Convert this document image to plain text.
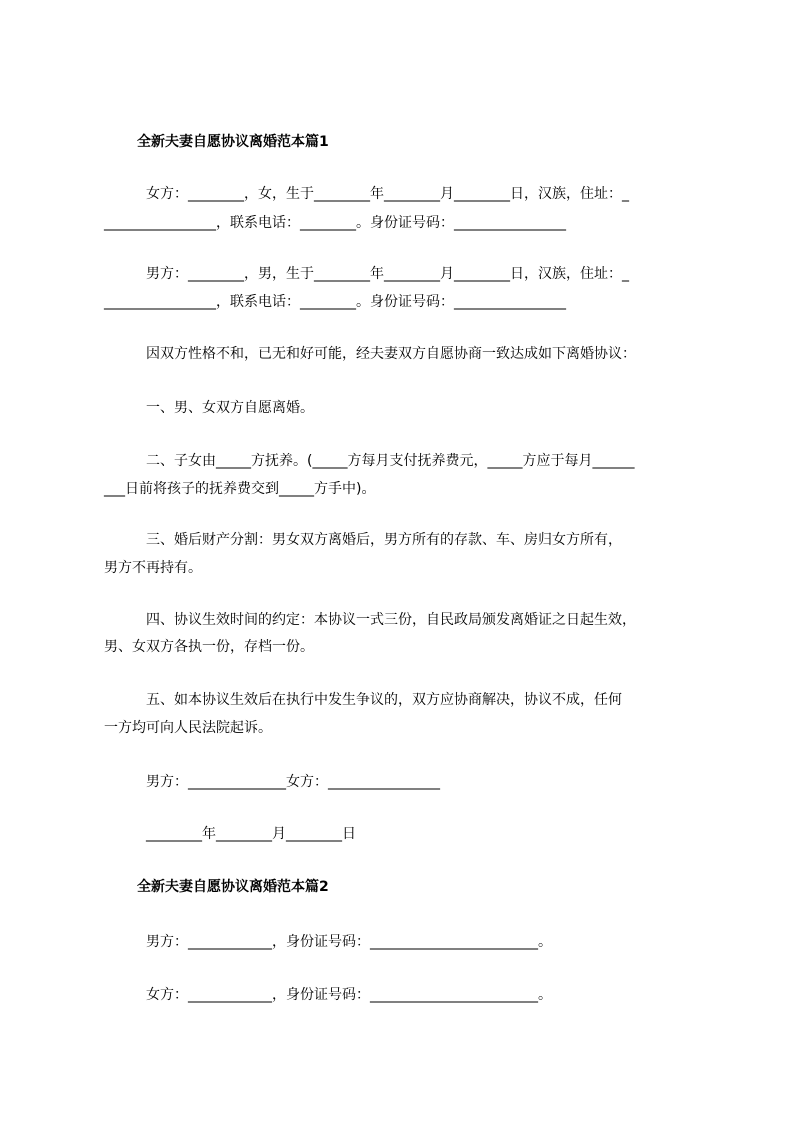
全新夫妻自愿协议离婚范本篇1
女方：________，女，生于________年________月________日，汉族，住址：_
________________，联系电话：________。身份证号码：________________
男方：________，男，生于________年________月________日，汉族，住址：_
________________，联系电话：________。身份证号码：________________
因双方性格不和，已无和好可能，经夫妻双方自愿协商一致达成如下离婚协议：
一、男、女双方自愿离婚。
二、子女由_____方抚养。(_____方每月支付抚养费元，_____方应于每月______
___日前将孩子的抚养费交到_____方手中)。
三、婚后财产分割：男女双方离婚后，男方所有的存款、车、房归女方所有，
男方不再持有。
四、协议生效时间的约定：本协议一式三份，自民政局颁发离婚证之日起生效，
男、女双方各执一份，存档一份。
五、如本协议生效后在执行中发生争议的，双方应协商解决，协议不成，任何
一方均可向人民法院起诉。
男方：______________女方：________________
________年________月________日
全新夫妻自愿协议离婚范本篇2
男方：____________，身份证号码：________________________。
女方：____________，身份证号码：________________________。
